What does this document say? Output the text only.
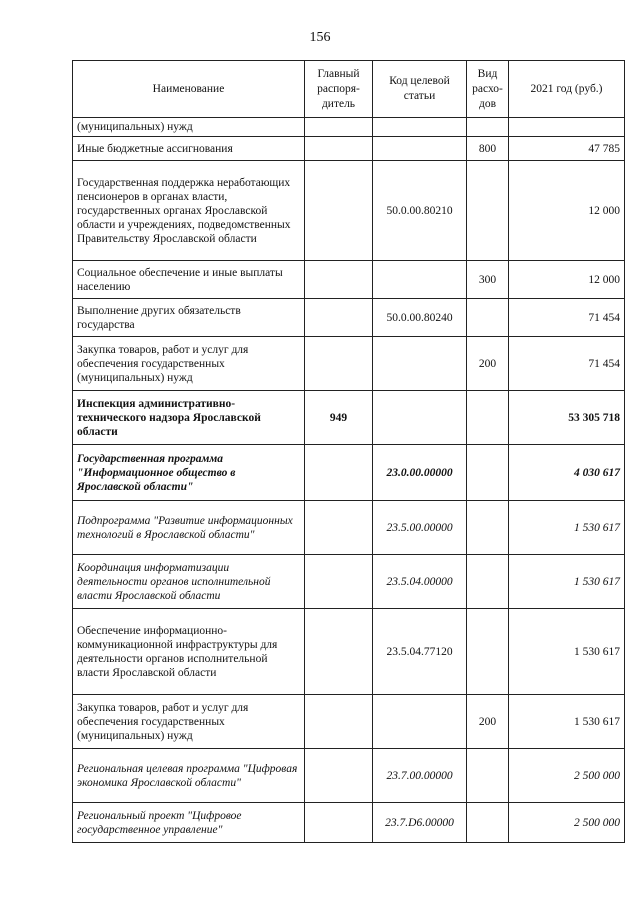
156
Наименование	Главный распоря-дитель	Код целевой статьи	Вид расхо-дов	2021 год (руб.)
(муниципальных) нужд				
Иные бюджетные ассигнования			800	47 785
Государственная поддержка неработающих пенсионеров в органах власти, государственных органах Ярославской области и учреждениях, подведомственных Правительству Ярославской области		50.0.00.80210		12 000
Социальное обеспечение и иные выплаты населению			300	12 000
Выполнение других обязательств государства		50.0.00.80240		71 454
Закупка товаров, работ и услуг для обеспечения государственных (муниципальных) нужд			200	71 454
Инспекция административно-технического надзора Ярославской области	949			53 305 718
Государственная программа "Информационное общество в Ярославской области"		23.0.00.00000		4 030 617
Подпрограмма "Развитие информационных технологий в Ярославской области"		23.5.00.00000		1 530 617
Координация информатизации деятельности органов исполнительной власти Ярославской области		23.5.04.00000		1 530 617
Обеспечение информационно-коммуникационной инфраструктуры для деятельности органов исполнительной власти Ярославской области		23.5.04.77120		1 530 617
Закупка товаров, работ и услуг для обеспечения государственных (муниципальных) нужд			200	1 530 617
Региональная целевая программа "Цифровая экономика Ярославской области"		23.7.00.00000		2 500 000
Региональный проект "Цифровое государственное управление"		23.7.D6.00000		2 500 000
